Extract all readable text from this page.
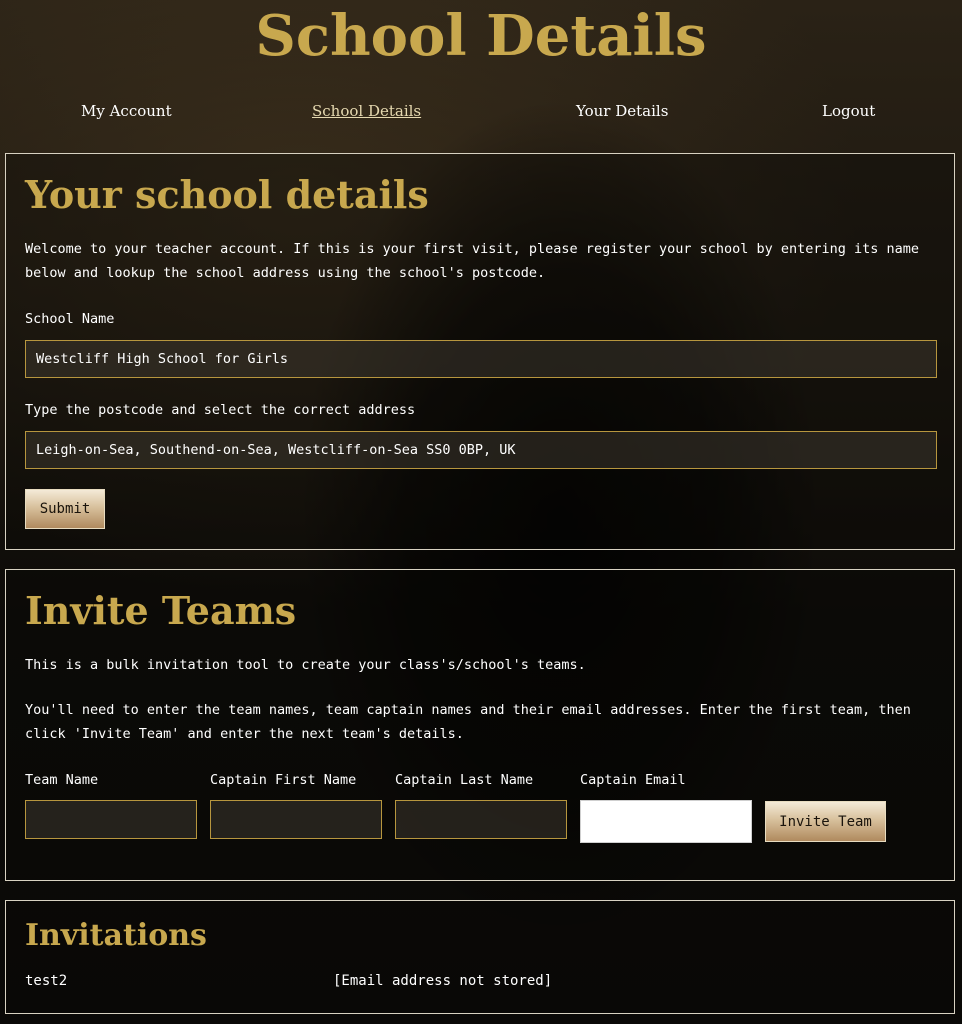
School Details
My Account	School Details	Your Details	Logout
Your school details

Welcome to your teacher account. If this is your first visit, please register your school by entering its name below and lookup the school address using the school's postcode.

School Name
Westcliff High School for Girls
Type the postcode and select the correct address
Leigh-on-Sea, Southend-on-Sea, Westcliff-on-Sea SS0 0BP, UK
Submit
Invite Teams

This is a bulk invitation tool to create your class's/school's teams.

You'll need to enter the team names, team captain names and their email addresses. Enter the first team, then click 'Invite Team' and enter the next team's details.

Team Name	Captain First Name	Captain Last Name	Captain Email
Invite Team
Invitations
test2	[Email address not stored]
